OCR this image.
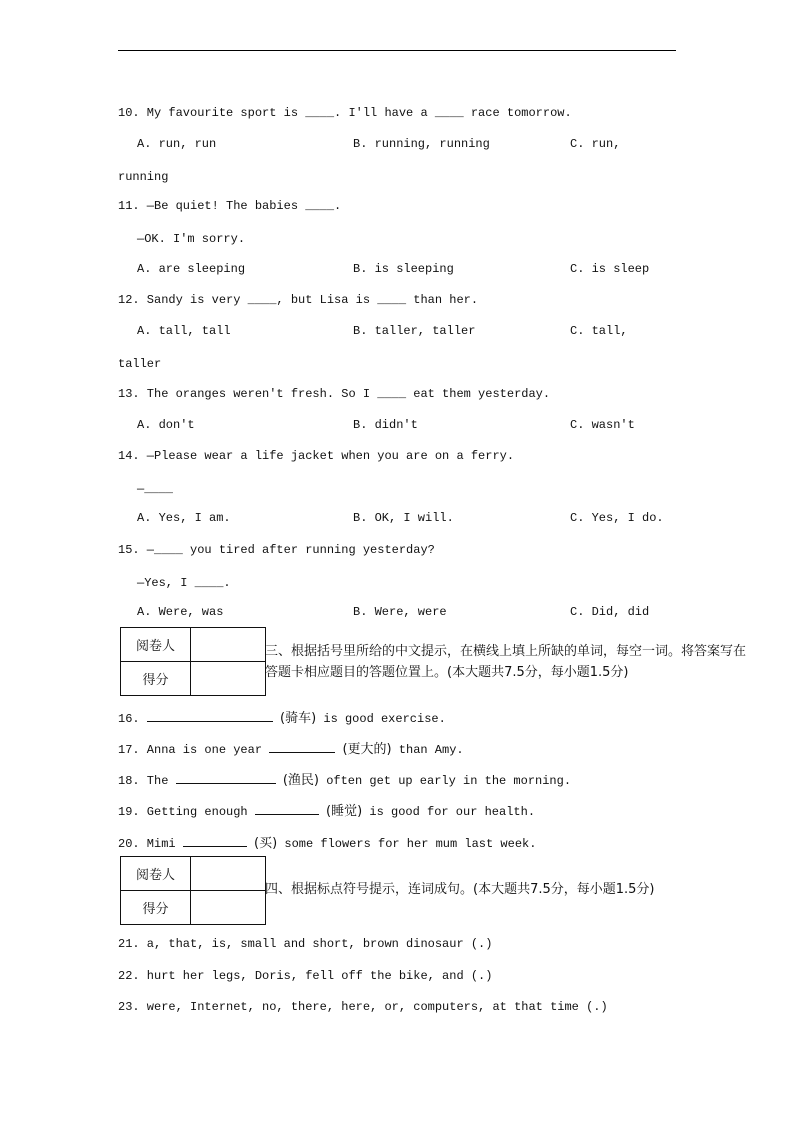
10. My favourite sport is ____. I'll have a ____ race tomorrow.
A. run, run	B. running, running	C. run,
running
11. —Be quiet! The babies ____.
—OK. I'm sorry.
A. are sleeping	B. is sleeping	C. is sleep
12. Sandy is very ____, but Lisa is ____ than her.
A. tall, tall	B. taller, taller	C. tall,
taller
13. The oranges weren't fresh. So I ____ eat them yesterday.
A. don't	B. didn't	C. wasn't
14. —Please wear a life jacket when you are on a ferry.
—____
A. Yes, I am.	B. OK, I will.	C. Yes, I do.
15. —____ you tired after running yesterday?
—Yes, I ____.
A. Were, was	B. Were, were	C. Did, did
阅卷人	
得分	
三、根据括号里所给的中文提示，在横线上填上所缺的单词，每空一词。将答案写在
答题卡相应题目的答题位置上。(本大题共7.5分，每小题1.5分)
16.	(骑车) is good exercise.
17. Anna is one year	(更大的) than Amy.
18. The	(渔民) often get up early in the morning.
19. Getting enough	(睡觉) is good for our health.
20. Mimi	(买) some flowers for her mum last week.
阅卷人	
得分	
四、根据标点符号提示，连词成句。(本大题共7.5分，每小题1.5分)
21. a, that, is, small and short, brown dinosaur (.)
22. hurt her legs, Doris, fell off the bike, and (.)
23. were, Internet, no, there, here, or, computers, at that time (.)
